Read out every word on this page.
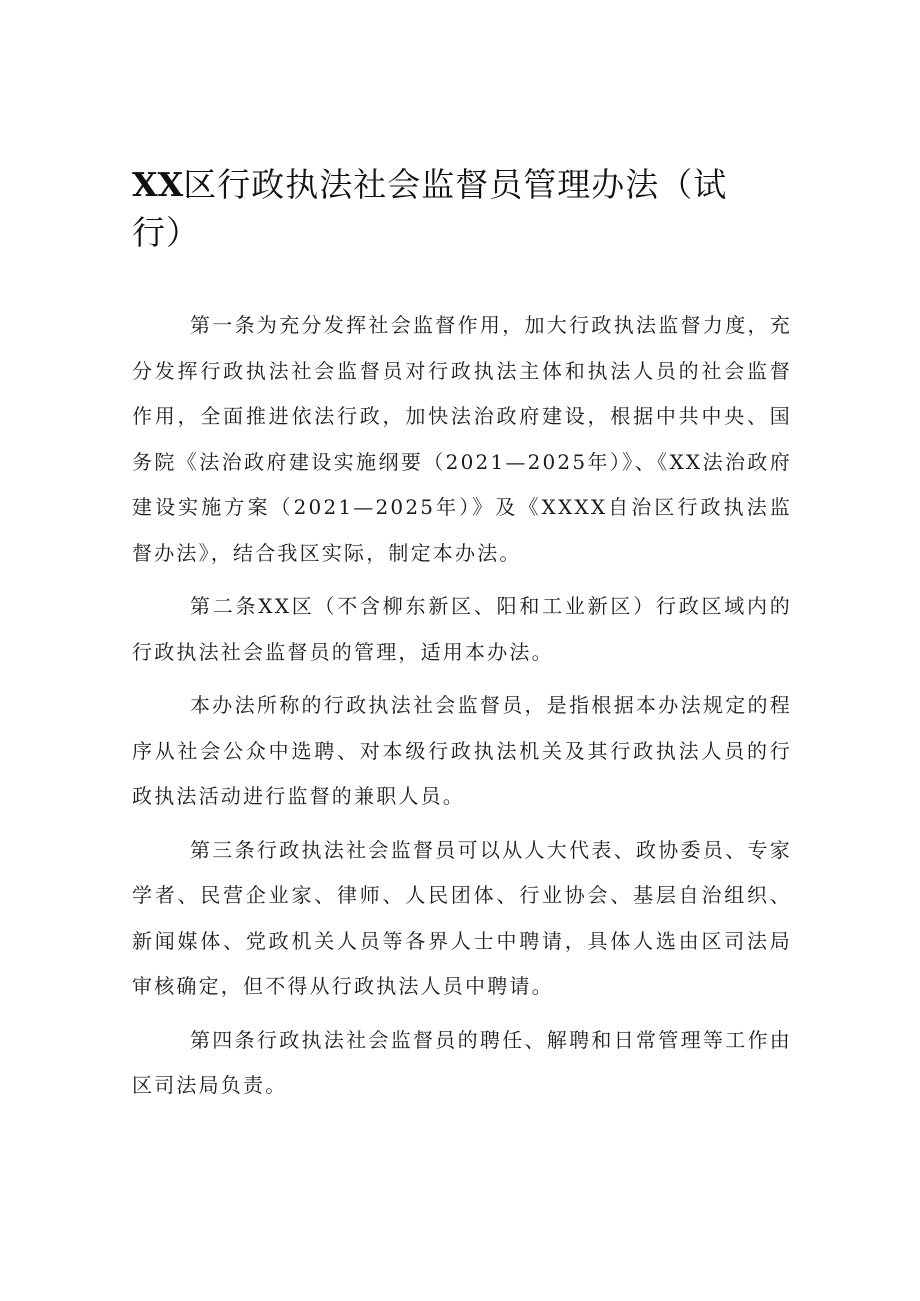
XX区行政执法社会监督员管理办法（试行）

第一条为充分发挥社会监督作用，加大行政执法监督力度，充分发挥行政执法社会监督员对行政执法主体和执法人员的社会监督作用，全面推进依法行政，加快法治政府建设，根据中共中央、国务院《法治政府建设实施纲要（2021—2025年）》、《XX法治政府建设实施方案（2021—2025年）》及《XXXX自治区行政执法监督办法》，结合我区实际，制定本办法。

第二条XX区（不含柳东新区、阳和工业新区）行政区域内的行政执法社会监督员的管理，适用本办法。

本办法所称的行政执法社会监督员，是指根据本办法规定的程序从社会公众中选聘、对本级行政执法机关及其行政执法人员的行政执法活动进行监督的兼职人员。

第三条行政执法社会监督员可以从人大代表、政协委员、专家学者、民营企业家、律师、人民团体、行业协会、基层自治组织、新闻媒体、党政机关人员等各界人士中聘请，具体人选由区司法局审核确定，但不得从行政执法人员中聘请。

第四条行政执法社会监督员的聘任、解聘和日常管理等工作由区司法局负责。
